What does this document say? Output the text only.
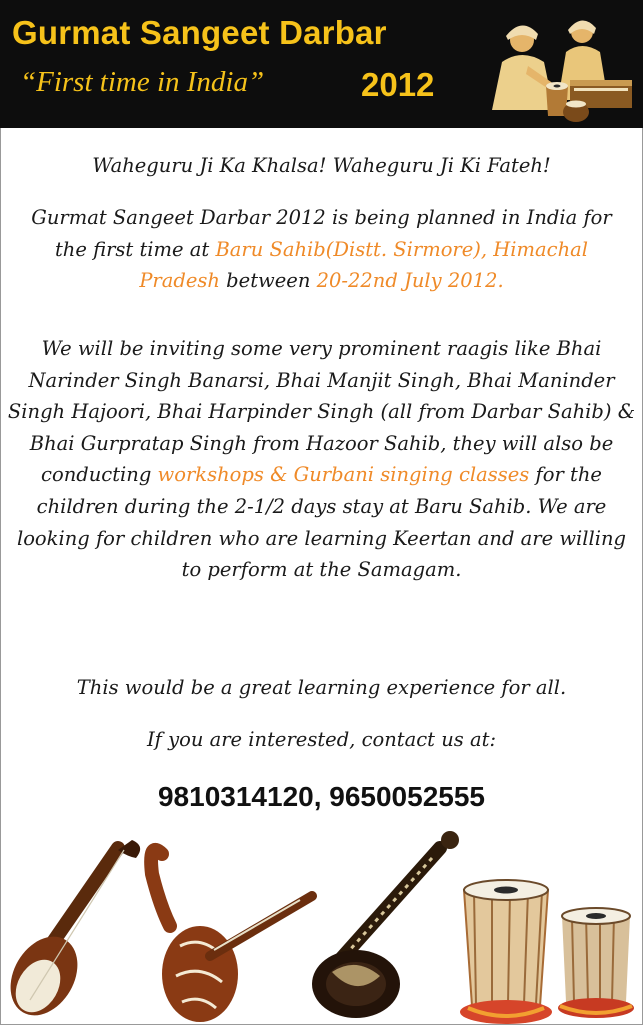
Gurmat Sangeet Darbar
“First time in India”	2012
Waheguru Ji Ka Khalsa! Waheguru Ji Ki Fateh!
Gurmat Sangeet Darbar 2012 is being planned in India for the first time at Baru Sahib(Distt. Sirmore), Himachal Pradesh between 20-22nd July 2012.
We will be inviting some very prominent raagis like Bhai Narinder Singh Banarsi, Bhai Manjit Singh, Bhai Maninder Singh Hajoori, Bhai Harpinder Singh (all from Darbar Sahib) & Bhai Gurpratap Singh from Hazoor Sahib, they will also be conducting workshops & Gurbani singing classes for the children during the 2-1/2 days stay at Baru Sahib. We are looking for children who are learning Keertan and are willing to perform at the Samagam.
This would be a great learning experience for all.
If you are interested, contact us at:
9810314120, 9650052555
